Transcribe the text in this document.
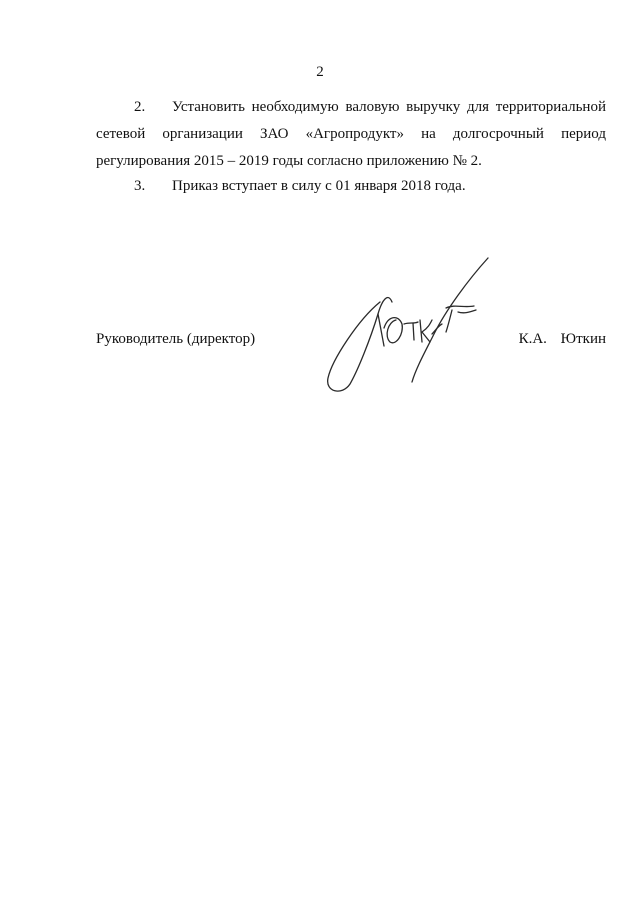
2
2. Установить необходимую валовую выручку для территориальной сетевой организации ЗАО «Агропродукт» на долгосрочный период регулирования 2015 – 2019 годы согласно приложению № 2.
3. Приказ вступает в силу с 01 января 2018 года.
Руководитель (директор)	К.А. Юткин
